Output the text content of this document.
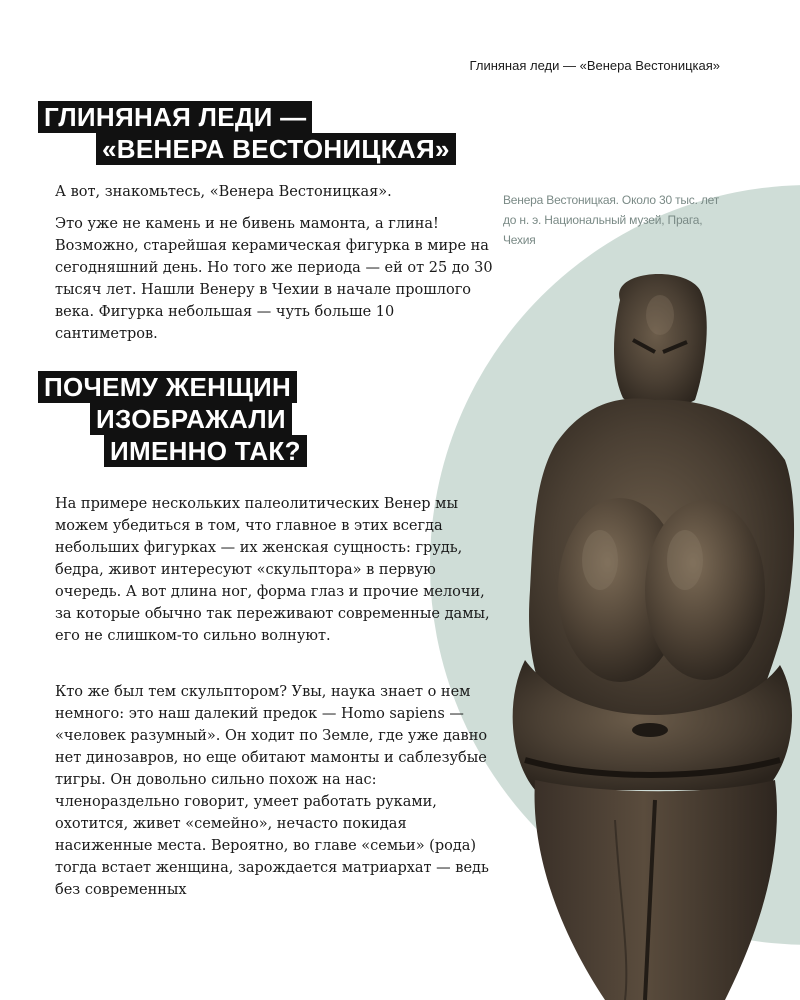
Глиняная леди — «Венера Вестоницкая»
Венера Вестоницкая. Около 30 тыс. лет до н. э. Национальный музей, Прага, Чехия
ГЛИНЯНАЯ ЛЕДИ —
«ВЕНЕРА ВЕСТОНИЦКАЯ»

А вот, знакомьтесь, «Венера Вестоницкая».

Это уже не камень и не бивень мамонта, а глина! Возможно, старейшая керамическая фигурка в мире на сегодняшний день. Но того же периода — ей от 25 до 30 тысяч лет. Нашли Венеру в Чехии в начале прошлого века. Фигурка небольшая — чуть больше 10 сантиметров.

ПОЧЕМУ ЖЕНЩИН
ИЗОБРАЖАЛИ
ИМЕННО ТАК?

На примере нескольких палеолитических Венер мы можем убедиться в том, что главное в этих всегда небольших фигурках — их женская сущность: грудь, бедра, живот интересуют «скульптора» в первую очередь. А вот длина ног, форма глаз и прочие мелочи, за которые обычно так переживают современные дамы, его не слишком-то сильно волнуют.

Кто же был тем скульптором? Увы, наука знает о нем немного: это наш далекий предок — Homo sapiens — «человек разумный». Он ходит по Земле, где уже давно нет динозавров, но еще обитают мамонты и саблезубые тигры. Он довольно сильно похож на нас: членораздельно говорит, умеет работать руками, охотится, живет «семейно», нечасто покидая насиженные места. Вероятно, во главе «семьи» (рода) тогда встает женщина, зарождается матриархат — ведь без современных
